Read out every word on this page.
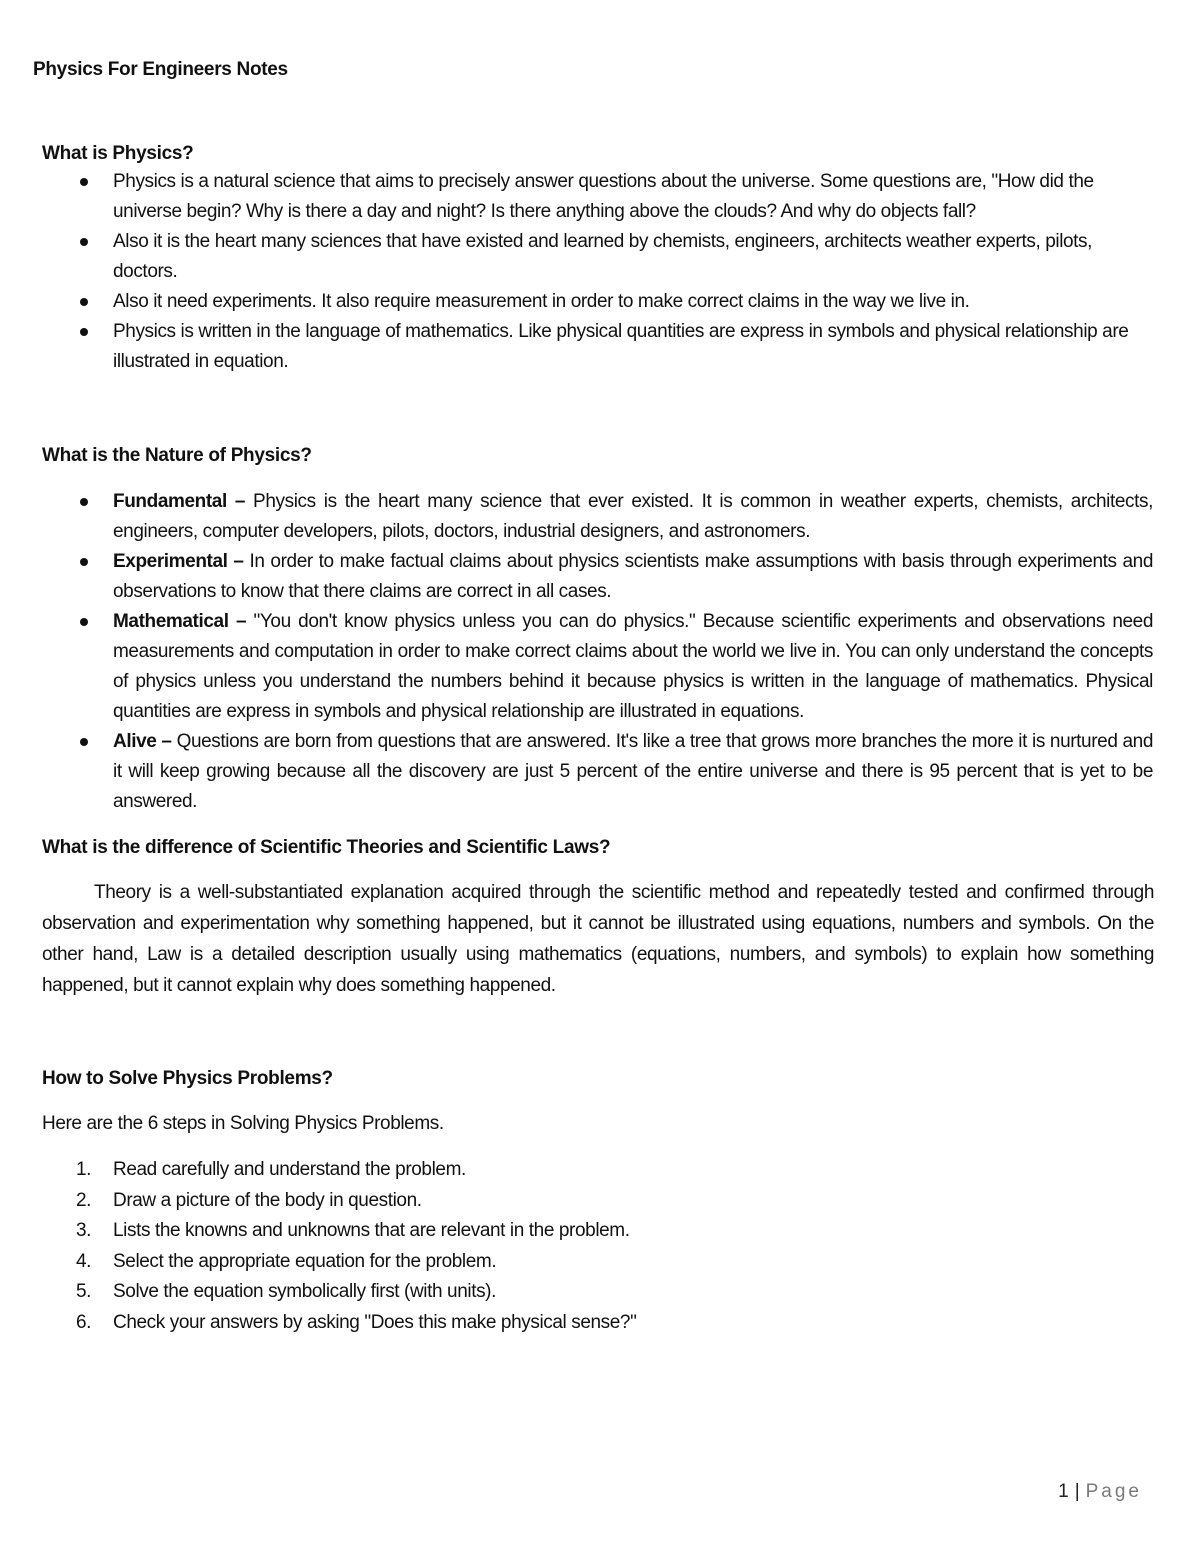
Physics For Engineers Notes
What is Physics?
Physics is a natural science that aims to precisely answer questions about the universe. Some questions are, "How did the universe begin? Why is there a day and night? Is there anything above the clouds? And why do objects fall?
Also it is the heart many sciences that have existed and learned by chemists, engineers, architects weather experts, pilots, doctors.
Also it need experiments. It also require measurement in order to make correct claims in the way we live in.
Physics is written in the language of mathematics. Like physical quantities are express in symbols and physical relationship are illustrated in equation.
What is the Nature of Physics?
Fundamental – Physics is the heart many science that ever existed. It is common in weather experts, chemists, architects, engineers, computer developers, pilots, doctors, industrial designers, and astronomers.
Experimental – In order to make factual claims about physics scientists make assumptions with basis through experiments and observations to know that there claims are correct in all cases.
Mathematical – "You don't know physics unless you can do physics." Because scientific experiments and observations need measurements and computation in order to make correct claims about the world we live in. You can only understand the concepts of physics unless you understand the numbers behind it because physics is written in the language of mathematics. Physical quantities are express in symbols and physical relationship are illustrated in equations.
Alive – Questions are born from questions that are answered. It's like a tree that grows more branches the more it is nurtured and it will keep growing because all the discovery are just 5 percent of the entire universe and there is 95 percent that is yet to be answered.
What is the difference of Scientific Theories and Scientific Laws?

Theory is a well-substantiated explanation acquired through the scientific method and repeatedly tested and confirmed through observation and experimentation why something happened, but it cannot be illustrated using equations, numbers and symbols. On the other hand, Law is a detailed description usually using mathematics (equations, numbers, and symbols) to explain how something happened, but it cannot explain why does something happened.

How to Solve Physics Problems?

Here are the 6 steps in Solving Physics Problems.

1. Read carefully and understand the problem.
2. Draw a picture of the body in question.
3. Lists the knowns and unknowns that are relevant in the problem.
4. Select the appropriate equation for the problem.
5. Solve the equation symbolically first (with units).
6. Check your answers by asking "Does this make physical sense?"
1 | Page
